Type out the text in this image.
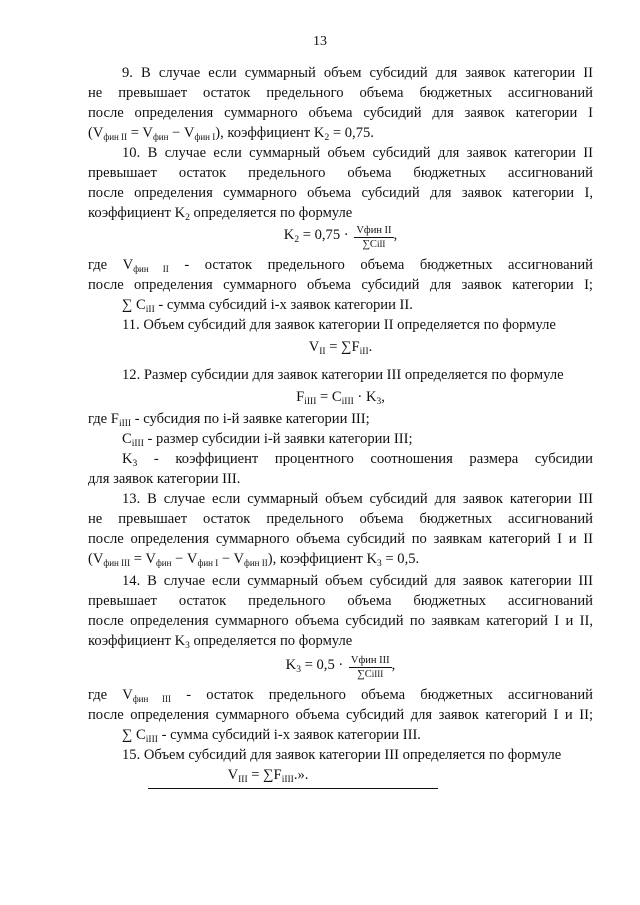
13
9. В случае если суммарный объем субсидий для заявок категории II
не превышает остаток предельного объема бюджетных ассигнований
после определения суммарного объема субсидий для заявок категории I
$(V_{фин II} = V_{фин} - V_{фин I})$, коэффициент $K_2 = 0,75$.
10. В случае если суммарный объем субсидий для заявок категории II
превышает остаток предельного объема бюджетных ассигнований
после определения суммарного объема субсидий для заявок категории I,
коэффициент $K_2$ определяется по формуле
$K_2 = 0,75 \cdot \frac{\text{Vфин II}}{\text{∑CiII}}$ ,
где $V_{фин II}$ - остаток предельного объема бюджетных ассигнований
после определения суммарного объема субсидий для заявок категории I;
∑ $C_{iII}$ - сумма субсидий i-х заявок категории II.
11. Объем субсидий для заявок категории II определяется по формуле
$V_{II} = \sum F_{iII}$.
12. Размер субсидии для заявок категории III определяется по формуле
$F_{iIII} = C_{iIII} \cdot K_3$,
где $F_{iIII}$ - субсидия по i-й заявке категории III;
$C_{iIII}$ - размер субсидии i-й заявки категории III;
$K_3$ - коэффициент процентного соотношения размера субсидии
для заявок категории III.
13. В случае если суммарный объем субсидий для заявок категории III
не превышает остаток предельного объема бюджетных ассигнований
после определения суммарного объема субсидий по заявкам категорий I и II
$(V_{фин III} = V_{фин} - V_{фин I} - V_{фин II})$, коэффициент $K_3 = 0,5$.
14. В случае если суммарный объем субсидий для заявок категории III
превышает остаток предельного объема бюджетных ассигнований
после определения суммарного объема субсидий по заявкам категорий I и II,
коэффициент $K_3$ определяется по формуле
$K_3 = 0,5 \cdot \frac{\text{Vфин III}}{\text{∑CiIII}}$ ,
где $V_{фин III}$ - остаток предельного объема бюджетных ассигнований
после определения суммарного объема субсидий для заявок категорий I и II;
∑ $C_{iIII}$ - сумма субсидий i-х заявок категории III.
15. Объем субсидий для заявок категории III определяется по формуле
$V_{III} = \sum F_{iIII}$.».
